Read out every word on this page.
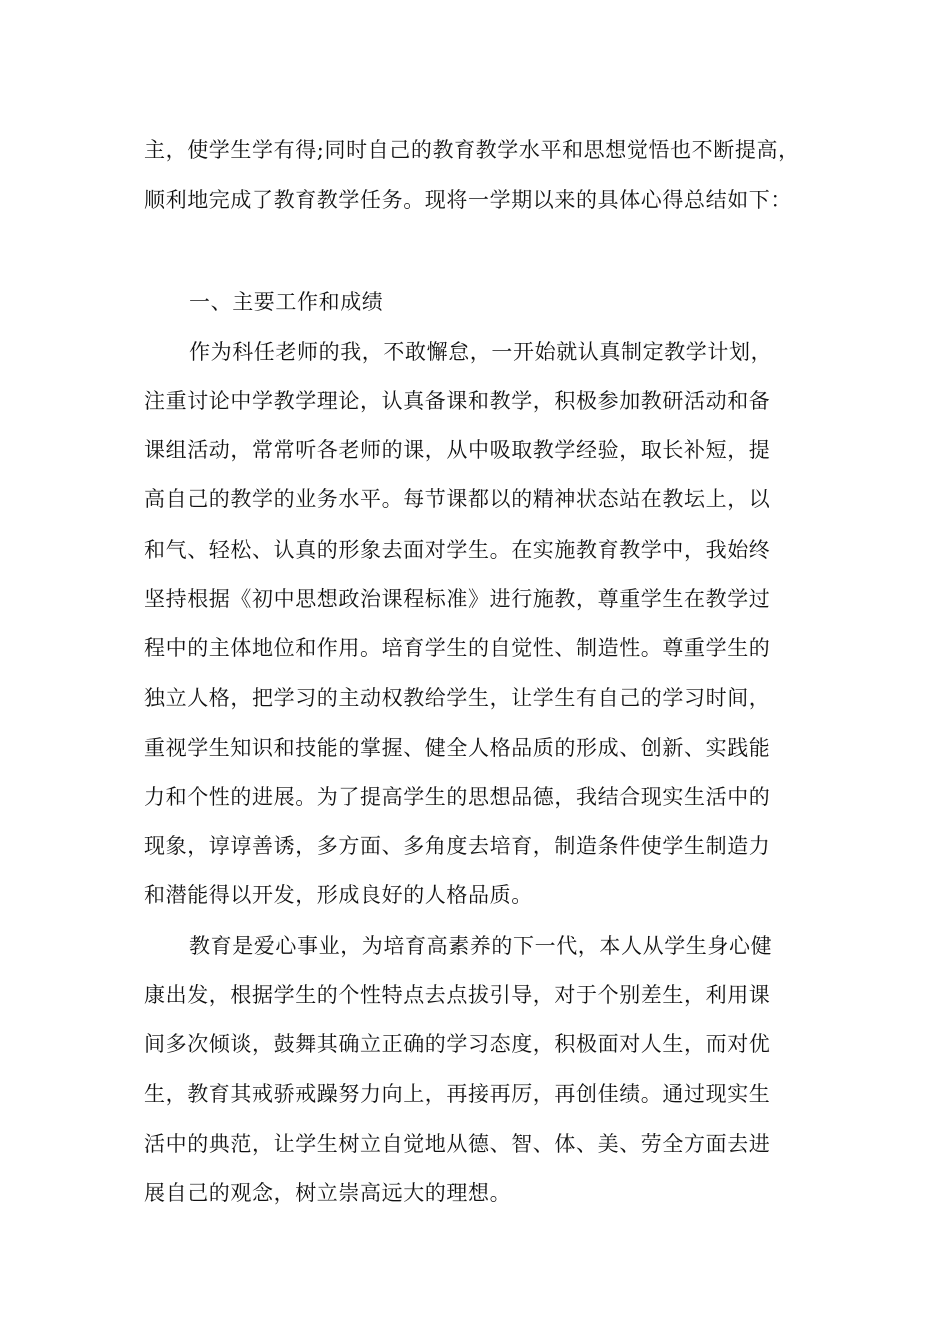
主，使学生学有得;同时自己的教育教学水平和思想觉悟也不断提高，
顺利地完成了教育教学任务。现将一学期以来的具体心得总结如下：
一、主要工作和成绩
作为科任老师的我，不敢懈怠，一开始就认真制定教学计划，
注重讨论中学教学理论，认真备课和教学，积极参加教研活动和备
课组活动，常常听各老师的课，从中吸取教学经验，取长补短，提
高自己的教学的业务水平。每节课都以的精神状态站在教坛上，以
和气、轻松、认真的形象去面对学生。在实施教育教学中，我始终
坚持根据《初中思想政治课程标准》进行施教，尊重学生在教学过
程中的主体地位和作用。培育学生的自觉性、制造性。尊重学生的
独立人格，把学习的主动权教给学生，让学生有自己的学习时间，
重视学生知识和技能的掌握、健全人格品质的形成、创新、实践能
力和个性的进展。为了提高学生的思想品德，我结合现实生活中的
现象，谆谆善诱，多方面、多角度去培育，制造条件使学生制造力
和潜能得以开发，形成良好的人格品质。
教育是爱心事业，为培育高素养的下一代，本人从学生身心健
康出发，根据学生的个性特点去点拔引导，对于个别差生，利用课
间多次倾谈，鼓舞其确立正确的学习态度，积极面对人生，而对优
生，教育其戒骄戒躁努力向上，再接再厉，再创佳绩。通过现实生
活中的典范，让学生树立自觉地从德、智、体、美、劳全方面去进
展自己的观念，树立崇高远大的理想。
